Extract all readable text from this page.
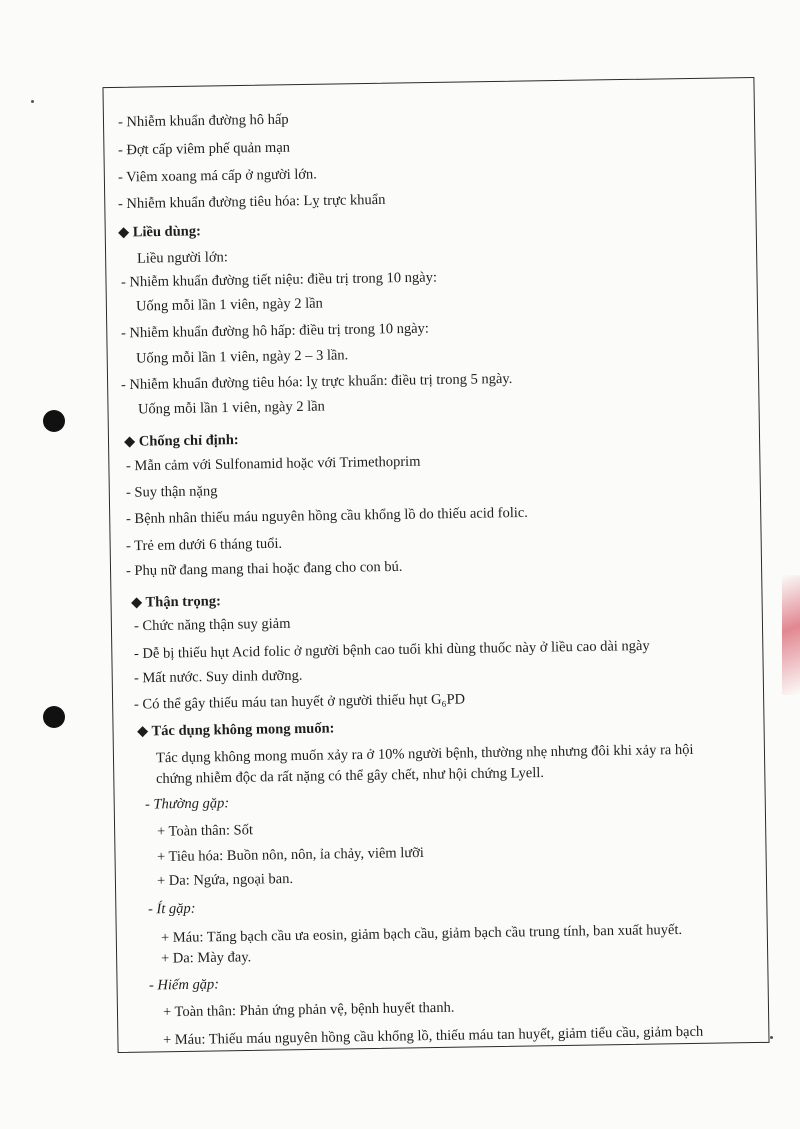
- Nhiễm khuẩn đường hô hấp
- Đợt cấp viêm phế quản mạn
- Viêm xoang má cấp ở người lớn.
- Nhiễm khuẩn đường tiêu hóa: Lỵ trực khuẩn
◆ Liều dùng:
Liều người lớn:
- Nhiễm khuẩn đường tiết niệu: điều trị trong 10 ngày:
Uống mỗi lần 1 viên, ngày 2 lần
- Nhiễm khuẩn đường hô hấp: điều trị trong 10 ngày:
Uống mỗi lần 1 viên, ngày 2 – 3 lần.
- Nhiễm khuẩn đường tiêu hóa: lỵ trực khuẩn: điều trị trong 5 ngày.
Uống mỗi lần 1 viên, ngày 2 lần
◆ Chống chỉ định:
- Mẫn cảm với Sulfonamid hoặc với Trimethoprim
- Suy thận nặng
- Bệnh nhân thiếu máu nguyên hồng cầu khổng lồ do thiếu acid folic.
- Trẻ em dưới 6 tháng tuổi.
- Phụ nữ đang mang thai hoặc đang cho con bú.
◆ Thận trọng:
- Chức năng thận suy giảm
- Dễ bị thiếu hụt Acid folic ở người bệnh cao tuổi khi dùng thuốc này ở liều cao dài ngày
- Mất nước. Suy dinh dưỡng.
- Có thể gây thiếu máu tan huyết ở người thiếu hụt G₆PD
◆ Tác dụng không mong muốn:
Tác dụng không mong muốn xảy ra ở 10% người bệnh, thường nhẹ nhưng đôi khi xảy ra hội
chứng nhiễm độc da rất nặng có thể gây chết, như hội chứng Lyell.
- Thường gặp:
+ Toàn thân: Sốt
+ Tiêu hóa: Buồn nôn, nôn, ỉa chảy, viêm lưỡi
+ Da: Ngứa, ngoại ban.
- Ít gặp:
+ Máu: Tăng bạch cầu ưa eosin, giảm bạch cầu, giảm bạch cầu trung tính, ban xuất huyết.
+ Da: Mày đay.
- Hiếm gặp:
+ Toàn thân: Phản ứng phản vệ, bệnh huyết thanh.
+ Máu: Thiếu máu nguyên hồng cầu khổng lồ, thiếu máu tan huyết, giảm tiểu cầu, giảm bạch
